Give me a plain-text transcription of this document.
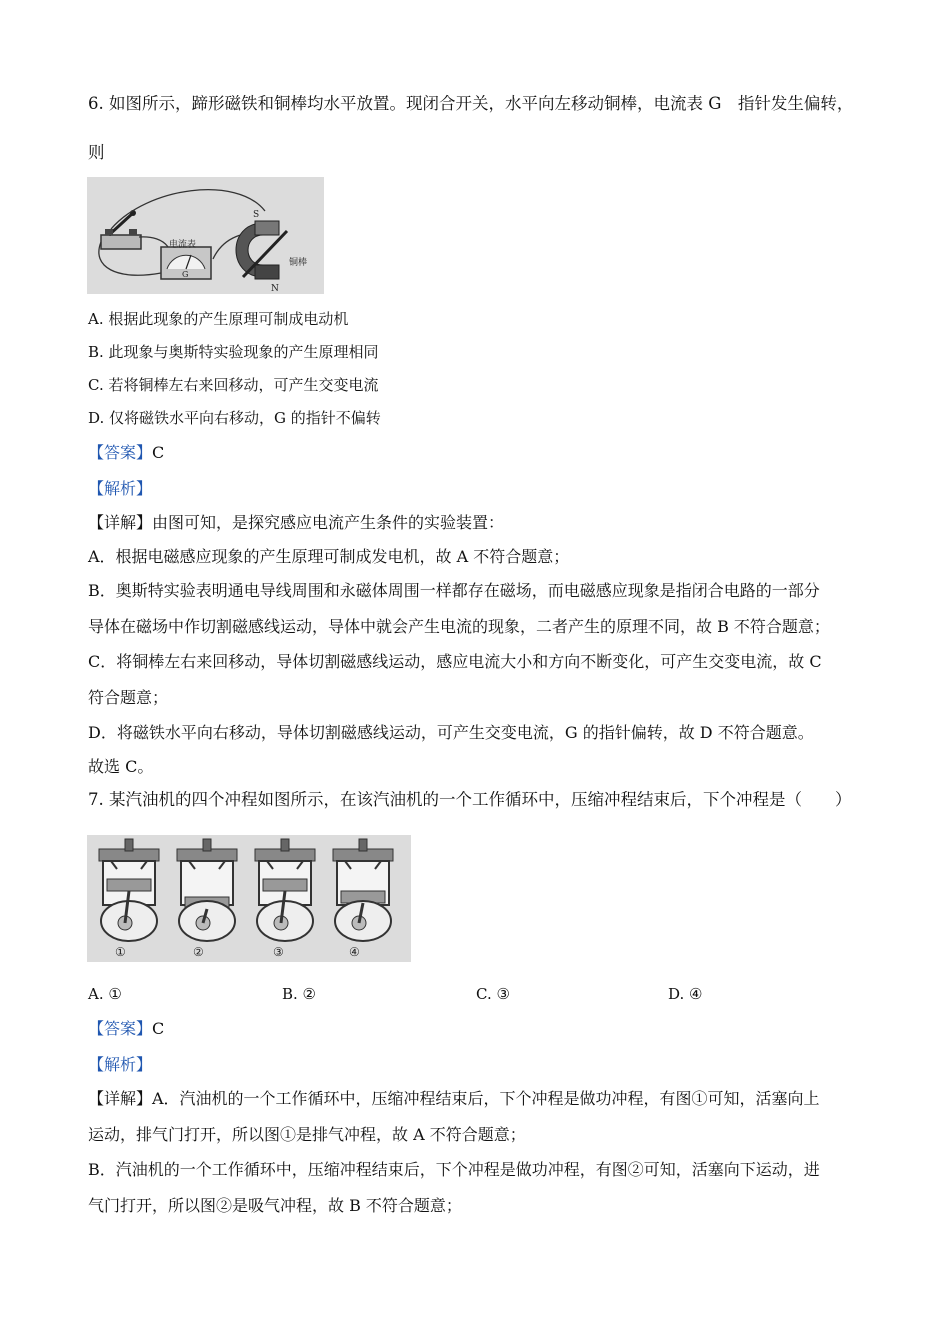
6. 如图所示，蹄形磁铁和铜棒均水平放置。现闭合开关，水平向左移动铜棒，电流表 G　指针发生偏转，
则
电流表
G
S
N
铜棒
A. 根据此现象的产生原理可制成电动机
B. 此现象与奥斯特实验现象的产生原理相同
C. 若将铜棒左右来回移动，可产生交变电流
D. 仅将磁铁水平向右移动，G 的指针不偏转
【答案】C
【解析】
【详解】由图可知，是探究感应电流产生条件的实验装置：
A．根据电磁感应现象的产生原理可制成发电机，故 A 不符合题意；
B．奥斯特实验表明通电导线周围和永磁体周围一样都存在磁场，而电磁感应现象是指闭合电路的一部分
导体在磁场中作切割磁感线运动，导体中就会产生电流的现象，二者产生的原理不同，故 B 不符合题意；
C．将铜棒左右来回移动，导体切割磁感线运动，感应电流大小和方向不断变化，可产生交变电流，故 C
符合题意；
D．将磁铁水平向右移动，导体切割磁感线运动，可产生交变电流，G 的指针偏转，故 D 不符合题意。
故选 C。
7. 某汽油机的四个冲程如图所示，在该汽油机的一个工作循环中，压缩冲程结束后，下个冲程是（　　）
①	②	③	④
A. ①	B. ②	C. ③	D. ④
【答案】C
【解析】
【详解】A．汽油机的一个工作循环中，压缩冲程结束后，下个冲程是做功冲程，有图①可知，活塞向上
运动，排气门打开，所以图①是排气冲程，故 A 不符合题意；
B．汽油机的一个工作循环中，压缩冲程结束后，下个冲程是做功冲程，有图②可知，活塞向下运动，进
气门打开，所以图②是吸气冲程，故 B 不符合题意；
